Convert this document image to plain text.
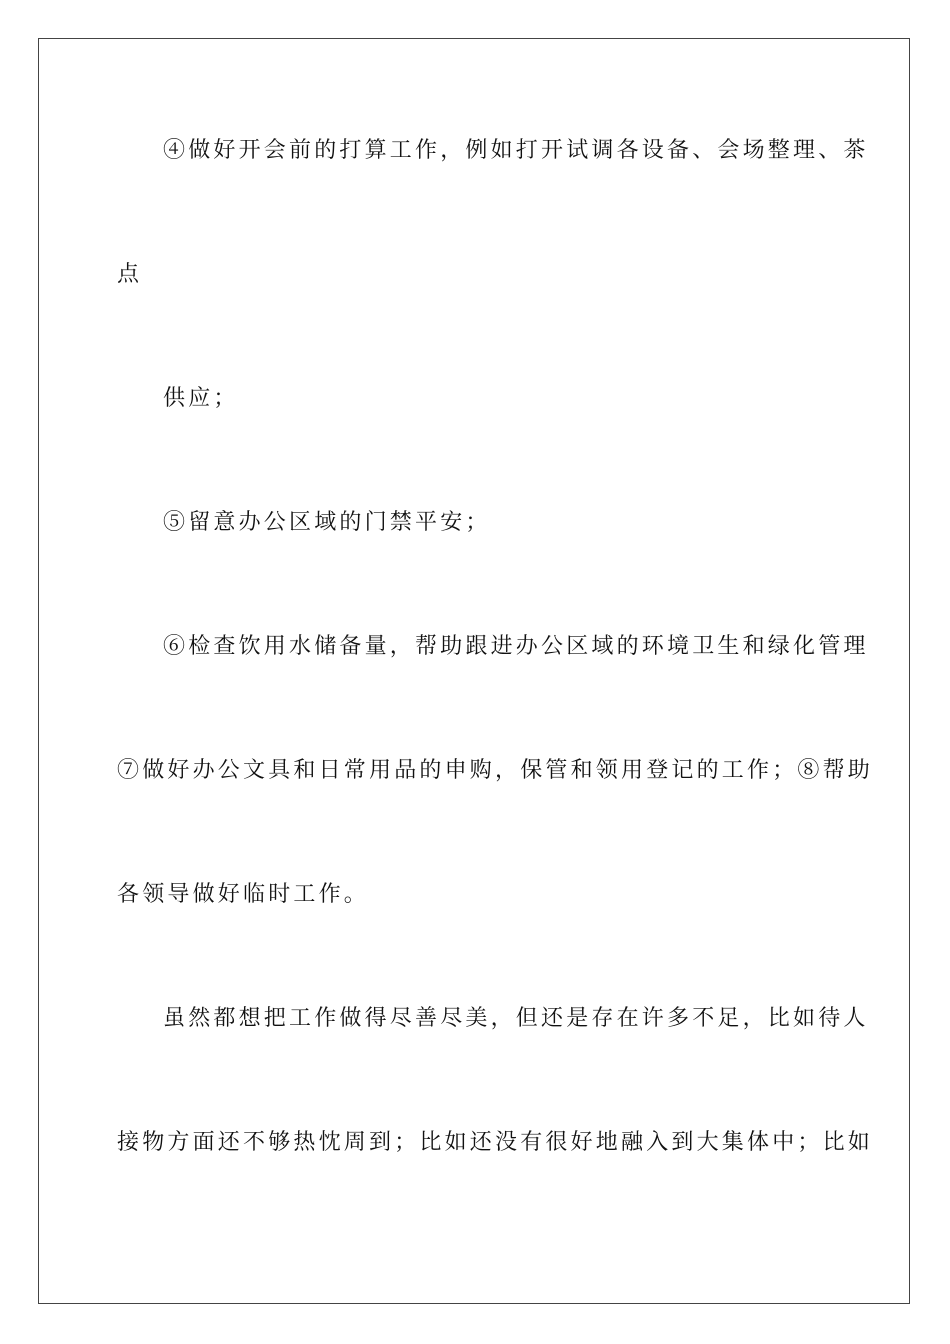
④做好开会前的打算工作，例如打开试调各设备、会场整理、茶
点
供应；
⑤留意办公区域的门禁平安；
⑥检查饮用水储备量，帮助跟进办公区域的环境卫生和绿化管理
⑦做好办公文具和日常用品的申购，保管和领用登记的工作；⑧帮助
各领导做好临时工作。
虽然都想把工作做得尽善尽美，但还是存在许多不足，比如待人
接物方面还不够热忱周到；比如还没有很好地融入到大集体中；比如
